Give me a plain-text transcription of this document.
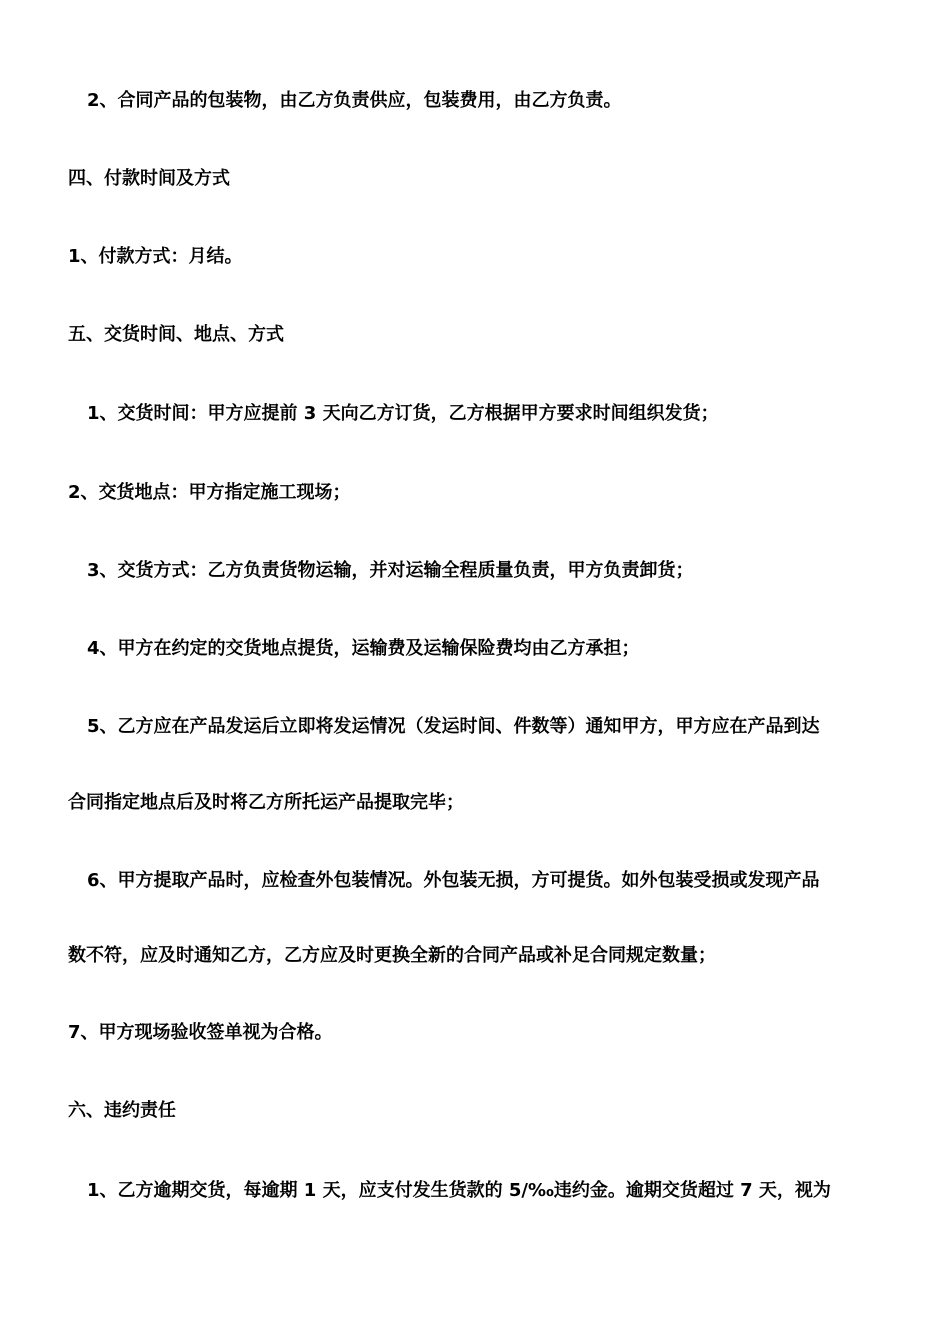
2、合同产品的包装物，由乙方负责供应，包装费用，由乙方负责。
四、付款时间及方式
1、付款方式：月结。
五、交货时间、地点、方式
1、交货时间：甲方应提前 3 天向乙方订货，乙方根据甲方要求时间组织发货；
2、交货地点：甲方指定施工现场；
3、交货方式：乙方负责货物运输，并对运输全程质量负责，甲方负责卸货；
4、甲方在约定的交货地点提货，运输费及运输保险费均由乙方承担；
5、乙方应在产品发运后立即将发运情况（发运时间、件数等）通知甲方，甲方应在产品到达
合同指定地点后及时将乙方所托运产品提取完毕；
6、甲方提取产品时，应检查外包装情况。外包装无损，方可提货。如外包装受损或发现产品
数不符，应及时通知乙方，乙方应及时更换全新的合同产品或补足合同规定数量；
7、甲方现场验收签单视为合格。
六、违约责任
1、乙方逾期交货，每逾期 1 天，应支付发生货款的 5/‰违约金。逾期交货超过 7 天，视为
